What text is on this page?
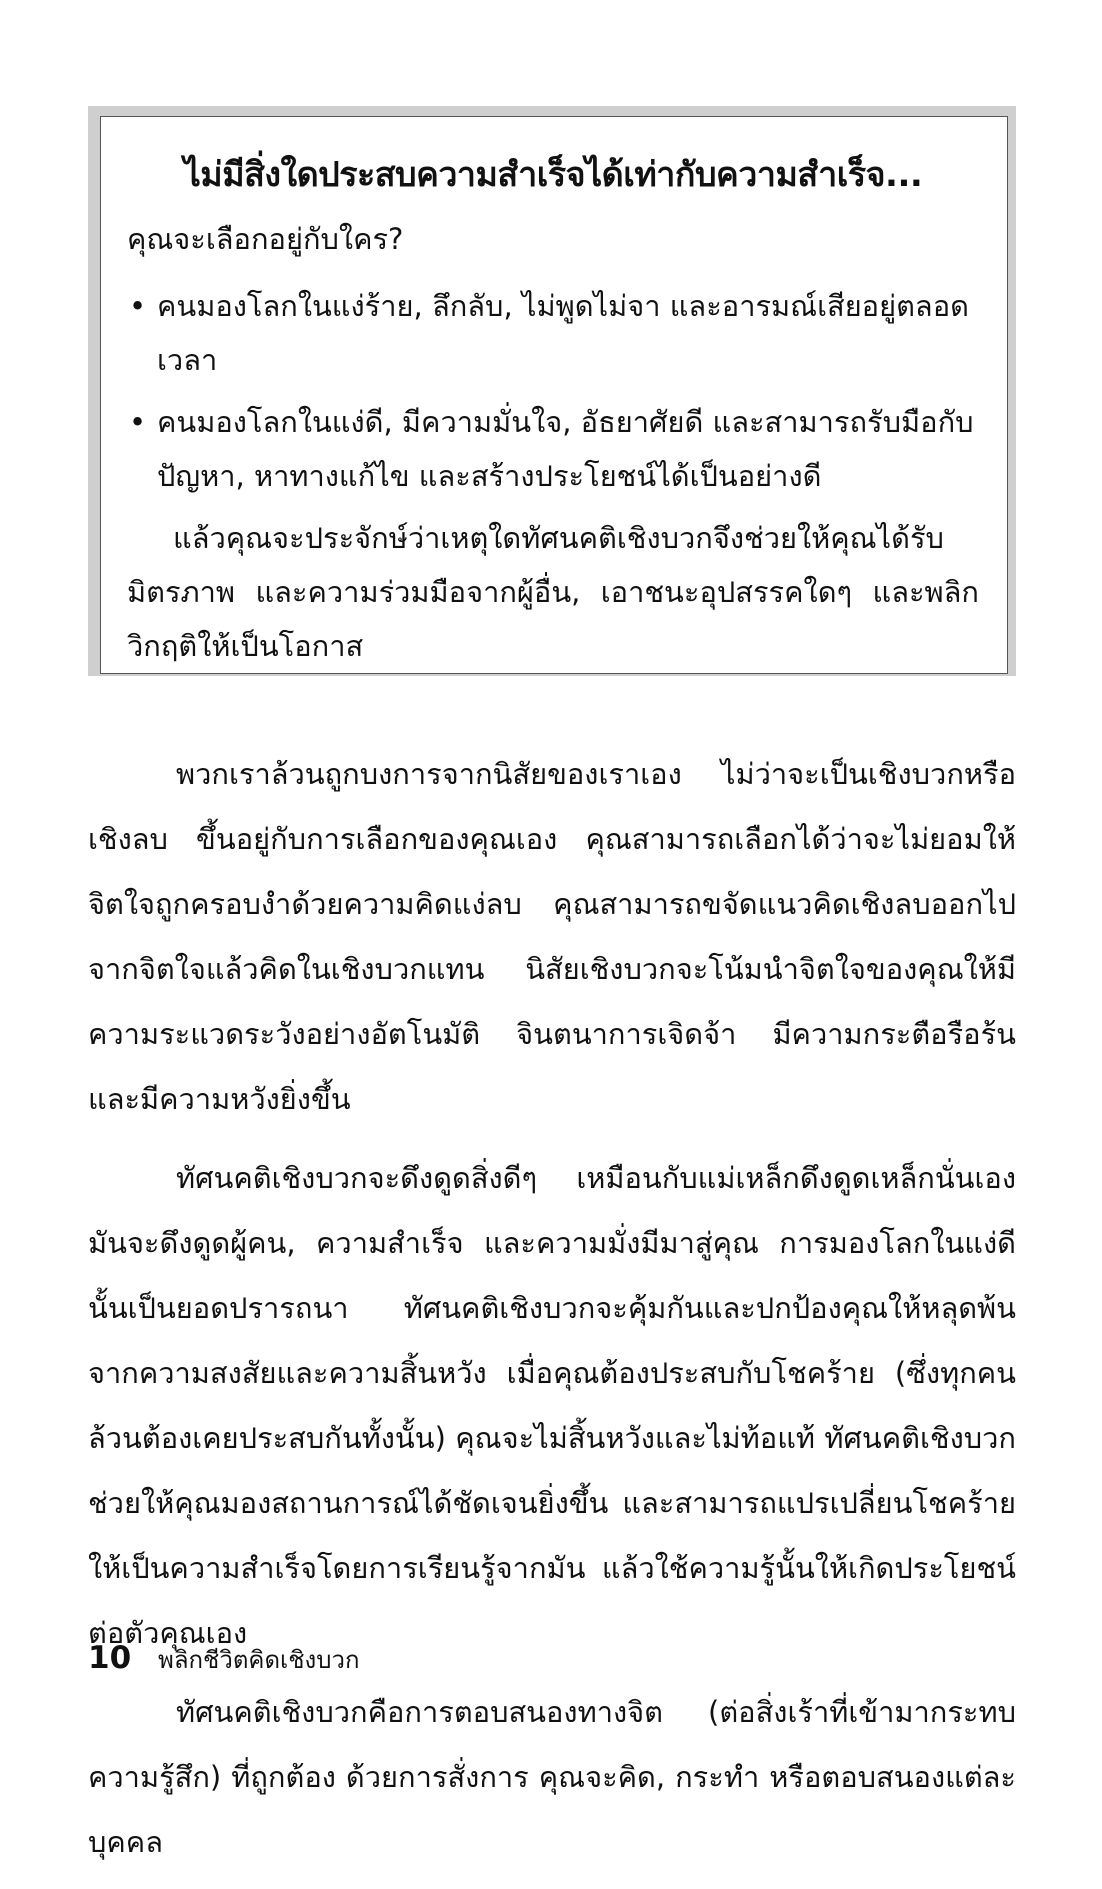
ไม่มีสิ่งใดประสบความสำเร็จได้เท่ากับความสำเร็จ...

คุณจะเลือกอยู่กับใคร?

• คนมองโลกในแง่ร้าย, ลึกลับ, ไม่พูดไม่จา และอารมณ์เสียอยู่ตลอดเวลา
• คนมองโลกในแง่ดี, มีความมั่นใจ, อัธยาศัยดี และสามารถรับมือกับปัญหา, หาทางแก้ไข และสร้างประโยชน์ได้เป็นอย่างดี

แล้วคุณจะประจักษ์ว่าเหตุใดทัศนคติเชิงบวกจึงช่วยให้คุณได้รับมิตรภาพ และความร่วมมือจากผู้อื่น, เอาชนะอุปสรรคใดๆ และพลิกวิกฤติให้เป็นโอกาส

พวกเราล้วนถูกบงการจากนิสัยของเราเอง ไม่ว่าจะเป็นเชิงบวกหรือเชิงลบ ขึ้นอยู่กับการเลือกของคุณเอง คุณสามารถเลือกได้ว่าจะไม่ยอมให้จิตใจถูกครอบงำด้วยความคิดแง่ลบ คุณสามารถขจัดแนวคิดเชิงลบออกไปจากจิตใจแล้วคิดในเชิงบวกแทน นิสัยเชิงบวกจะโน้มนำจิตใจของคุณให้มีความระแวดระวังอย่างอัตโนมัติ จินตนาการเจิดจ้า มีความกระตือรือร้น และมีความหวังยิ่งขึ้น

ทัศนคติเชิงบวกจะดึงดูดสิ่งดีๆ เหมือนกับแม่เหล็กดึงดูดเหล็กนั่นเอง มันจะดึงดูดผู้คน, ความสำเร็จ และความมั่งมีมาสู่คุณ การมองโลกในแง่ดีนั้นเป็นยอดปรารถนา ทัศนคติเชิงบวกจะคุ้มกันและปกป้องคุณให้หลุดพ้นจากความสงสัยและความสิ้นหวัง เมื่อคุณต้องประสบกับโชคร้าย (ซึ่งทุกคนล้วนต้องเคยประสบกันทั้งนั้น) คุณจะไม่สิ้นหวังและไม่ท้อแท้ ทัศนคติเชิงบวกช่วยให้คุณมองสถานการณ์ได้ชัดเจนยิ่งขึ้น และสามารถแปรเปลี่ยนโชคร้ายให้เป็นความสำเร็จโดยการเรียนรู้จากมัน แล้วใช้ความรู้นั้นให้เกิดประโยชน์ต่อตัวคุณเอง

ทัศนคติเชิงบวกคือการตอบสนองทางจิต (ต่อสิ่งเร้าที่เข้ามากระทบความรู้สึก) ที่ถูกต้อง ด้วยการสั่งการ คุณจะคิด, กระทำ หรือตอบสนองแต่ละบุคคล

10	พลิกชีวิตคิดเชิงบวก
